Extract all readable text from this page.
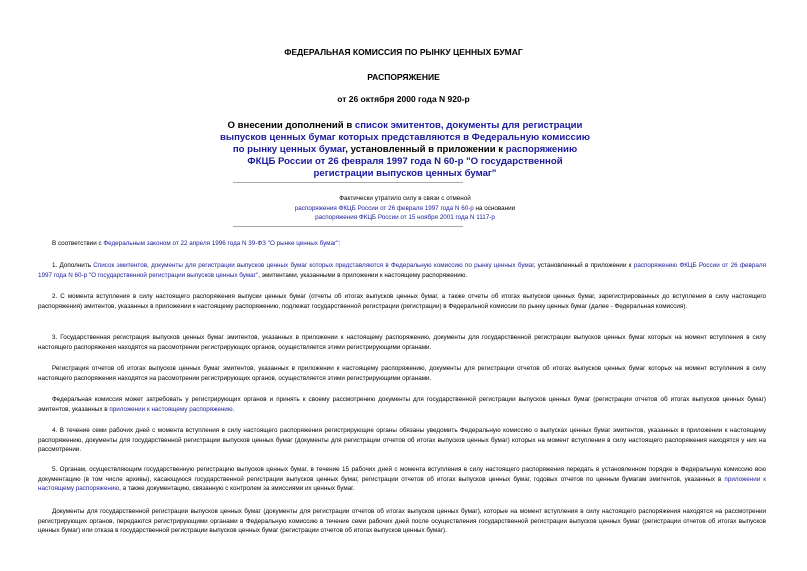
ФЕДЕРАЛЬНАЯ КОМИССИЯ ПО РЫНКУ ЦЕННЫХ БУМАГ
РАСПОРЯЖЕНИЕ
от 26 октября 2000 года N 920-р
О внесении дополнений в список эмитентов, документы для регистрации выпусков ценных бумаг которых представляются в Федеральную комиссию по рынку ценных бумаг, установленный в приложении к распоряжению ФКЦБ России от 26 февраля 1997 года N 60-р "О государственной регистрации выпусков ценных бумаг"
Фактически утратило силу в связи с отменой
распоряжения ФКЦБ России от 26 февраля 1997 года N 60-р на основании
распоряжения ФКЦБ России от 15 ноября 2001 года N 1117-р
В соответствии с Федеральным законом от 22 апреля 1996 года N 39-ФЗ "О рынке ценных бумаг":
1. Дополнить Список эмитентов, документы для регистрации выпусков ценных бумаг которых представляются в Федеральную комиссию по рынку ценных бумаг, установленный в приложении к распоряжению ФКЦБ России от 26 февраля 1997 года N 60-р "О государственной регистрации выпусков ценных бумаг", эмитентами, указанными в приложении к настоящему распоряжению.
2. С момента вступления в силу настоящего распоряжения выпуски ценных бумаг (отчеты об итогах выпусков ценных бумаг, а также отчеты об итогах выпусков ценных бумаг, зарегистрированных до вступления в силу настоящего распоряжения) эмитентов, указанных в приложении к настоящему распоряжению, подлежат государственной регистрации (регистрации) в Федеральной комиссии по рынку ценных бумаг (далее - Федеральная комиссия).
3. Государственная регистрация выпусков ценных бумаг эмитентов, указанных в приложении к настоящему распоряжению, документы для государственной регистрации выпусков ценных бумаг которых на момент вступления в силу настоящего распоряжения находятся на рассмотрении регистрирующих органов, осуществляется этими регистрирующими органами.
Регистрация отчетов об итогах выпусков ценных бумаг эмитентов, указанных в приложении к настоящему распоряжению, документы для регистрации отчетов об итогах выпусков ценных бумаг которых на момент вступления в силу настоящего распоряжения находятся на рассмотрении регистрирующих органов, осуществляется этими регистрирующими органами.
Федеральная комиссия может затребовать у регистрирующих органов и принять к своему рассмотрению документы для государственной регистрации выпусков ценных бумаг (регистрации отчетов об итогах выпусков ценных бумаг) эмитентов, указанных в приложении к настоящему распоряжению.
4. В течение семи рабочих дней с момента вступления в силу настоящего распоряжения регистрирующие органы обязаны уведомить Федеральную комиссию о выпусках ценных бумаг эмитентов, указанных в приложении к настоящему распоряжению, документы для государственной регистрации выпусков ценных бумаг (документы для регистрации отчетов об итогах выпусков ценных бумаг) которых на момент вступления в силу настоящего распоряжения находятся у них на рассмотрении.
5. Органам, осуществляющим государственную регистрацию выпусков ценных бумаг, в течение 15 рабочих дней с момента вступления в силу настоящего распоряжения передать в установленном порядке в Федеральную комиссию всю документацию (в том числе архивы), касающуюся государственной регистрации выпусков ценных бумаг, регистрации отчетов об итогах выпусков ценных бумаг, годовых отчетов по ценным бумагам эмитентов, указанных в приложении к настоящему распоряжению, а также документацию, связанную с контролем за эмиссиями их ценных бумаг.
Документы для государственной регистрации выпусков ценных бумаг (документы для регистрации отчетов об итогах выпусков ценных бумаг), которые на момент вступления в силу настоящего распоряжения находятся на рассмотрении регистрирующих органов, передаются регистрирующими органами в Федеральную комиссию в течение семи рабочих дней после осуществления государственной регистрации выпусков ценных бумаг (регистрации отчетов об итогах выпусков ценных бумаг) или отказа в государственной регистрации выпусков ценных бумаг (регистрации отчетов об итогах выпусков ценных бумаг).
